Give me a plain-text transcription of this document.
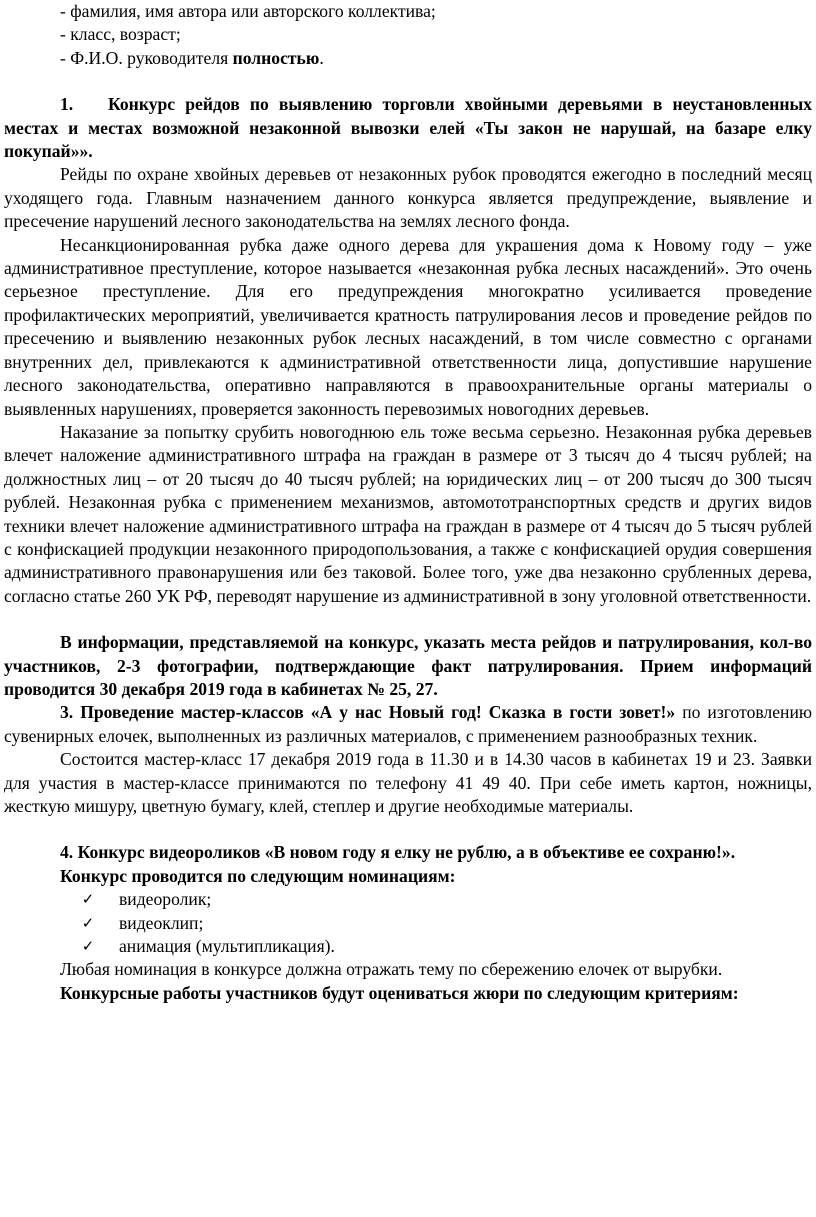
- фамилия, имя автора или авторского коллектива;

- класс, возраст;

- Ф.И.О. руководителя полностью.

1. Конкурс рейдов по выявлению торговли хвойными деревьями в неустановленных местах и местах возможной незаконной вывозки елей «Ты закон не нарушай, на базаре елку покупай»».

Рейды по охране хвойных деревьев от незаконных рубок проводятся ежегодно в последний месяц уходящего года. Главным назначением данного конкурса является предупреждение, выявление и пресечение нарушений лесного законодательства на землях лесного фонда.

Несанкционированная рубка даже одного дерева для украшения дома к Новому году – уже административное преступление, которое называется «незаконная рубка лесных насаждений». Это очень серьезное преступление. Для его предупреждения многократно усиливается проведение профилактических мероприятий, увеличивается кратность патрулирования лесов и проведение рейдов по пресечению и выявлению незаконных рубок лесных насаждений, в том числе совместно с органами внутренних дел, привлекаются к административной ответственности лица, допустившие нарушение лесного законодательства, оперативно направляются в правоохранительные органы материалы о выявленных нарушениях, проверяется законность перевозимых новогодних деревьев.

Наказание за попытку срубить новогоднюю ель тоже весьма серьезно. Незаконная рубка деревьев влечет наложение административного штрафа на граждан в размере от 3 тысяч до 4 тысяч рублей; на должностных лиц – от 20 тысяч до 40 тысяч рублей; на юридических лиц – от 200 тысяч до 300 тысяч рублей. Незаконная рубка с применением механизмов, автомототранспортных средств и других видов техники влечет наложение административного штрафа на граждан в размере от 4 тысяч до 5 тысяч рублей с конфискацией продукции незаконного природопользования, а также с конфискацией орудия совершения административного правонарушения или без таковой. Более того, уже два незаконно срубленных дерева, согласно статье 260 УК РФ, переводят нарушение из административной в зону уголовной ответственности.

В информации, представляемой на конкурс, указать места рейдов и патрулирования, кол-во участников, 2-3 фотографии, подтверждающие факт патрулирования. Прием информаций проводится 30 декабря 2019 года в кабинетах № 25, 27.

3. Проведение мастер-классов «А у нас Новый год! Сказка в гости зовет!» по изготовлению сувенирных елочек, выполненных из различных материалов, с применением разнообразных техник.

Состоится мастер-класс 17 декабря 2019 года в 11.30 и в 14.30 часов в кабинетах 19 и 23. Заявки для участия в мастер-классе принимаются по телефону 41 49 40. При себе иметь картон, ножницы, жесткую мишуру, цветную бумагу, клей, степлер и другие необходимые материалы.

4. Конкурс видеороликов «В новом году я елку не рублю, а в объективе ее сохраню!».

Конкурс проводится по следующим номинациям:

✓ видеоролик;
✓ видеоклип;
✓ анимация (мультипликация).

Любая номинация в конкурсе должна отражать тему по сбережению елочек от вырубки.

Конкурсные работы участников будут оцениваться жюри по следующим критериям:
